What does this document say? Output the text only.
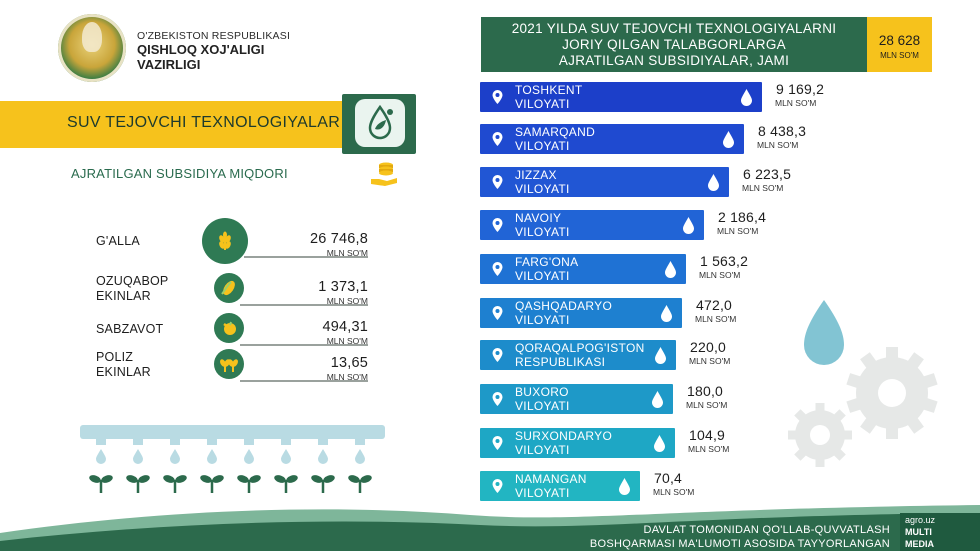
O'ZBEKISTON RESPUBLIKASI
QISHLOQ XOJ'ALIGI
VAZIRLIGI
SUV TEJOVCHI TEXNOLOGIYALAR
AJRATILGAN SUBSIDIYA MIQDORI
G'ALLA	26 746,8
MLN SO'M
OZUQABOP
EKINLAR
1 373,1
MLN SO'M
SABZAVOT	494,31
MLN SO'M
POLIZ
EKINLAR
13,65
MLN SO'M
2021 YILDA SUV TEJOVCHI TEXNOLOGIYALARNI
JORIY QILGAN TALABGORLARGA
AJRATILGAN SUBSIDIYALAR, JAMI
28 628
MLN SO'M
TOSHKENT
VILOYATI
9 169,2
MLN SO'M
SAMARQAND
VILOYATI
8 438,3
MLN SO'M
JIZZAX
VILOYATI
6 223,5
MLN SO'M
NAVOIY
VILOYATI
2 186,4
MLN SO'M
FARG'ONA
VILOYATI
1 563,2
MLN SO'M
QASHQADARYO
VILOYATI
472,0
MLN SO'M
QORAQALPOG'ISTON
RESPUBLIKASI
220,0
MLN SO'M
BUXORO
VILOYATI
180,0
MLN SO'M
SURXONDARYO
VILOYATI
104,9
MLN SO'M
NAMANGAN
VILOYATI
70,4
MLN SO'M
DAVLAT TOMONIDAN QO'LLAB-QUVVATLASH
BOSHQARMASI MA'LUMOTI ASOSIDA TAYYORLANGAN
agro.uz
MULTI
MEDIA
